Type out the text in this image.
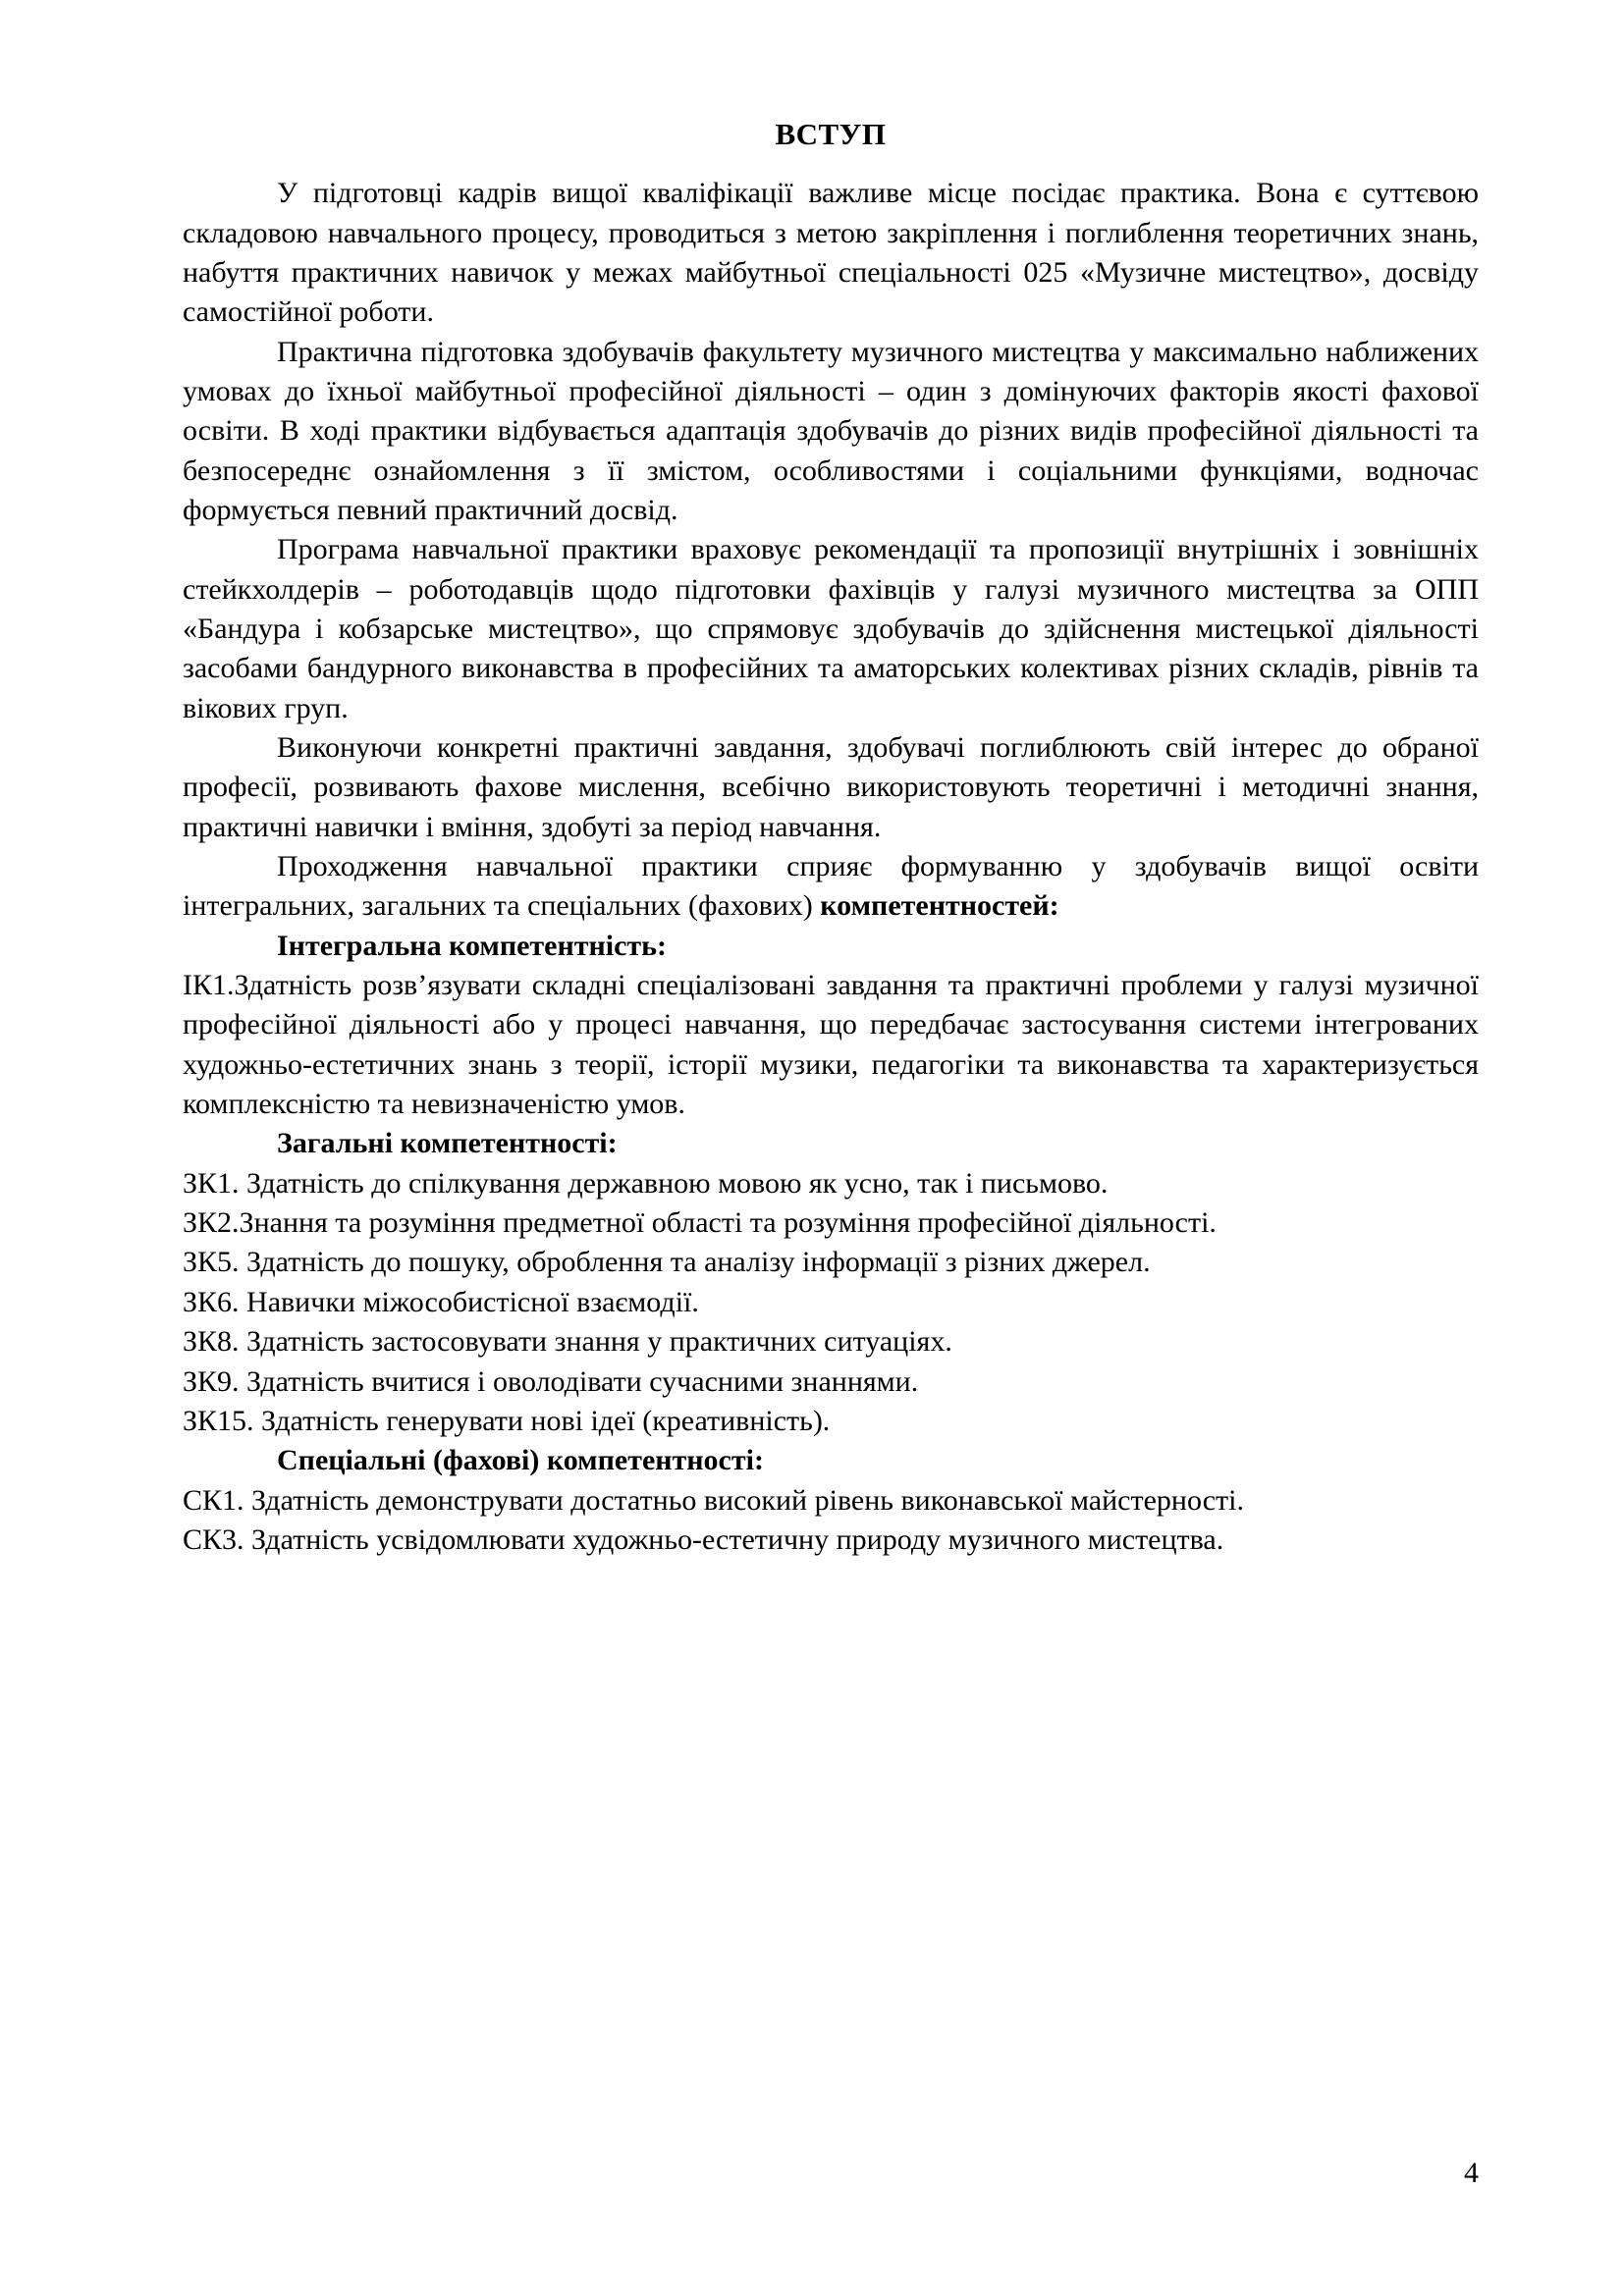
ВСТУП

У підготовці кадрів вищої кваліфікації важливе місце посідає практика. Вона є суттєвою складовою навчального процесу, проводиться з метою закріплення і поглиблення теоретичних знань, набуття практичних навичок у межах майбутньої спеціальності 025 «Музичне мистецтво», досвіду самостійної роботи.

Практична підготовка здобувачів факультету музичного мистецтва у максимально наближених умовах до їхньої майбутньої професійної діяльності – один з домінуючих факторів якості фахової освіти. В ході практики відбувається адаптація здобувачів до різних видів професійної діяльності та безпосереднє ознайомлення з її змістом, особливостями і соціальними функціями, водночас формується певний практичний досвід.

Програма навчальної практики враховує рекомендації та пропозиції внутрішніх і зовнішніх стейкхолдерів – роботодавців щодо підготовки фахівців у галузі музичного мистецтва за ОПП «Бандура і кобзарське мистецтво», що спрямовує здобувачів до здійснення мистецької діяльності засобами бандурного виконавства в професійних та аматорських колективах різних складів, рівнів та вікових груп.

Виконуючи конкретні практичні завдання, здобувачі поглиблюють свій інтерес до обраної професії, розвивають фахове мислення, всебічно використовують теоретичні і методичні знання, практичні навички і вміння, здобуті за період навчання.

Проходження навчальної практики сприяє формуванню у здобувачів вищої освіти інтегральних, загальних та спеціальних (фахових) компетентностей:

Інтегральна компетентність:

ІК1.Здатність розв’язувати складні спеціалізовані завдання та практичні проблеми у галузі музичної професійної діяльності або у процесі навчання, що передбачає застосування системи інтегрованих художньо-естетичних знань з теорії, історії музики, педагогіки та виконавства та характеризується комплексністю та невизначеністю умов.

Загальні компетентності:

ЗК1. Здатність до спілкування державною мовою як усно, так і письмово.

ЗК2.Знання та розуміння предметної області та розуміння професійної діяльності.

ЗК5. Здатність до пошуку, оброблення та аналізу інформації з різних джерел.

ЗК6. Навички міжособистісної взаємодії.

ЗК8. Здатність застосовувати знання у практичних ситуаціях.

ЗК9. Здатність вчитися і оволодівати сучасними знаннями.

ЗК15. Здатність генерувати нові ідеї (креативність).

Спеціальні (фахові) компетентності:

СК1. Здатність демонструвати достатньо високий рівень виконавської майстерності.

СК3. Здатність усвідомлювати художньо-естетичну природу музичного мистецтва.

4
